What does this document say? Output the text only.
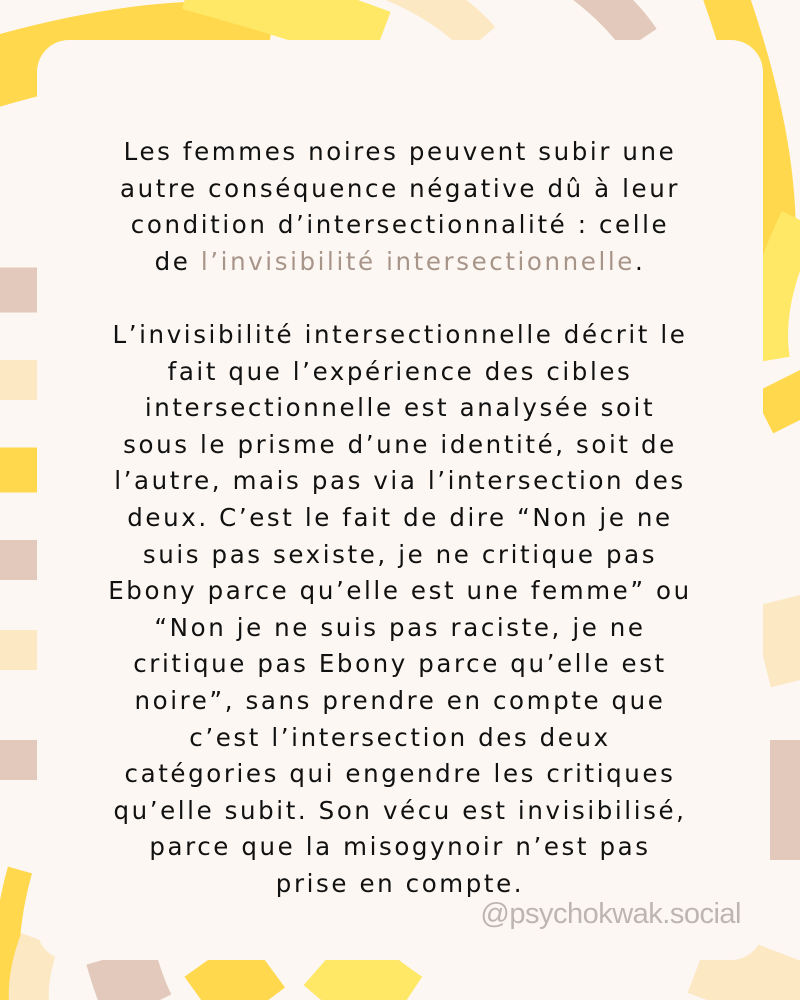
Les femmes noires peuvent subir une
autre conséquence négative dû à leur
condition d’intersectionnalité : celle
de l’invisibilité intersectionnelle.
L’invisibilité intersectionnelle décrit le
fait que l’expérience des cibles
intersectionnelle est analysée soit
sous le prisme d’une identité, soit de
l’autre, mais pas via l’intersection des
deux. C’est le fait de dire “Non je ne
suis pas sexiste, je ne critique pas
Ebony parce qu’elle est une femme” ou
“Non je ne suis pas raciste, je ne
critique pas Ebony parce qu’elle est
noire”, sans prendre en compte que
c’est l’intersection des deux
catégories qui engendre les critiques
qu’elle subit. Son vécu est invisibilisé,
parce que la misogynoir n’est pas
prise en compte.
@psychokwak.social
